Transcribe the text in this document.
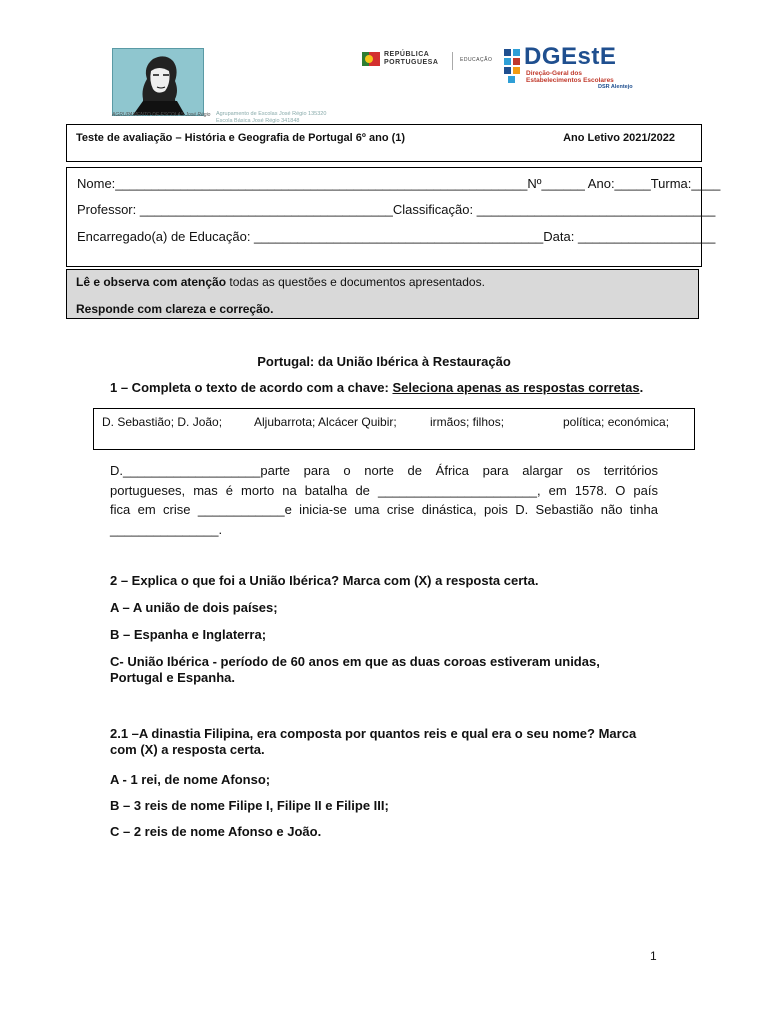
AGRUPAMENTO DE ESCOLAS José Régio Agrupamento de Escolas José Régio 135320
Escola Básica José Régio 341848
REPÚBLICA
PORTUGUESA	EDUCAÇÃO DGEstE
Direção-Geral dos
Estabelecimentos Escolares
DSR Alentejo
Teste de avaliação – História e Geografia de Portugal 6º ano (1)	Ano Letivo 2021/2022
Nome:_________________________________________________________Nº______ Ano:_____Turma:____
Professor: ___________________________________Classificação: _________________________________
Encarregado(a) de Educação: ________________________________________Data: ___________________
Lê e observa com atenção todas as questões e documentos apresentados.
Responde com clareza e correção.
Portugal: da União Ibérica à Restauração
1 – Completa o texto de acordo com a chave: Seleciona apenas as respostas corretas.
D. Sebastião; D. João;	Aljubarrota; Alcácer Quibir;	irmãos; filhos;	política; económica;
D.___________________parte para o norte de África para alargar os territórios
portugueses, mas é morto na batalha de ______________________, em 1578. O país
fica em crise ____________e inicia-se uma crise dinástica, pois D. Sebastião não tinha
_______________.
2 – Explica o que foi a União Ibérica? Marca com (X) a resposta certa.
A – A união de dois países;
B – Espanha e Inglaterra;
C- União Ibérica - período de 60 anos em que as duas coroas estiveram unidas,
Portugal e Espanha.
2.1 –A dinastia Filipina, era composta por quantos reis e qual era o seu nome? Marca
com (X) a resposta certa.
A - 1 rei, de nome Afonso;
B – 3 reis de nome Filipe I, Filipe II e Filipe III;
C – 2 reis de nome Afonso e João.
1
